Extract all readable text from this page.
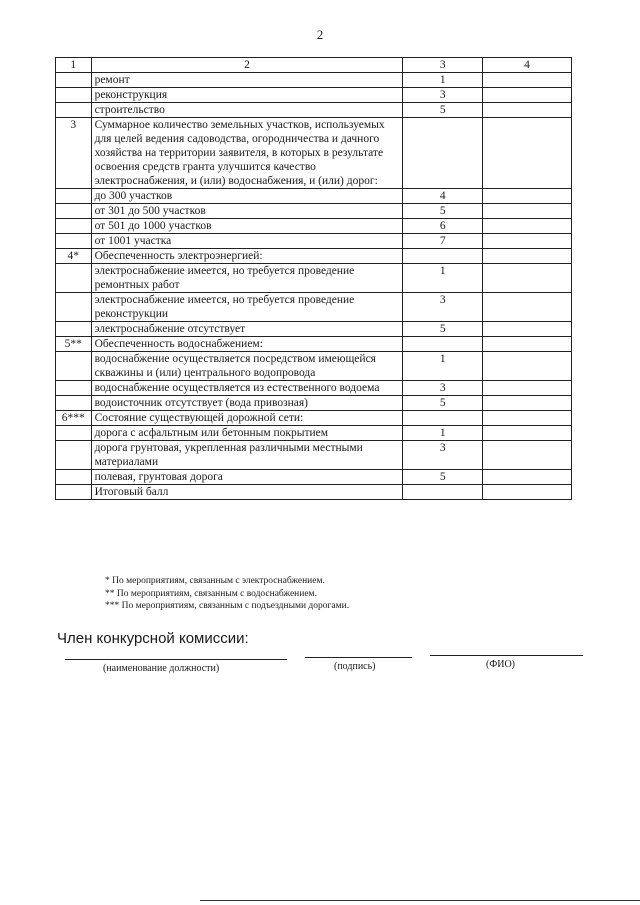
2
1	2	3	4
	ремонт	1	
	реконструкция	3	
	строительство	5	
3	Суммарное количество земельных участков, используемых для целей ведения садоводства, огородничества и дачного хозяйства на территории заявителя, в которых в результате освоения средств гранта улучшится качество электроснабжения, и (или) водоснабжения, и (или) дорог:		
	до 300 участков	4	
	от 301 до 500 участков	5	
	от 501 до 1000 участков	6	
	от 1001 участка	7	
4*	Обеспеченность электроэнергией:		
	электроснабжение имеется, но требуется проведение ремонтных работ	1	
	электроснабжение имеется, но требуется проведение реконструкции	3	
	электроснабжение отсутствует	5	
5**	Обеспеченность водоснабжением:		
	водоснабжение осуществляется посредством имеющейся скважины и (или) центрального водопровода	1	
	водоснабжение осуществляется из естественного водоема	3	
	водоисточник отсутствует (вода привозная)	5	
6***	Состояние существующей дорожной сети:		
	дорога с асфальтным или бетонным покрытием	1	
	дорога грунтовая, укрепленная различными местными материалами	3	
	полевая, грунтовая дорога	5	
	Итоговый балл		
* По мероприятиям, связанным с электроснабжением.
** По мероприятиям, связанным с водоснабжением.
*** По мероприятиям, связанным с подъездными дорогами.
Член конкурсной комиссии:
(наименование должности)	(подпись)	(ФИО)
